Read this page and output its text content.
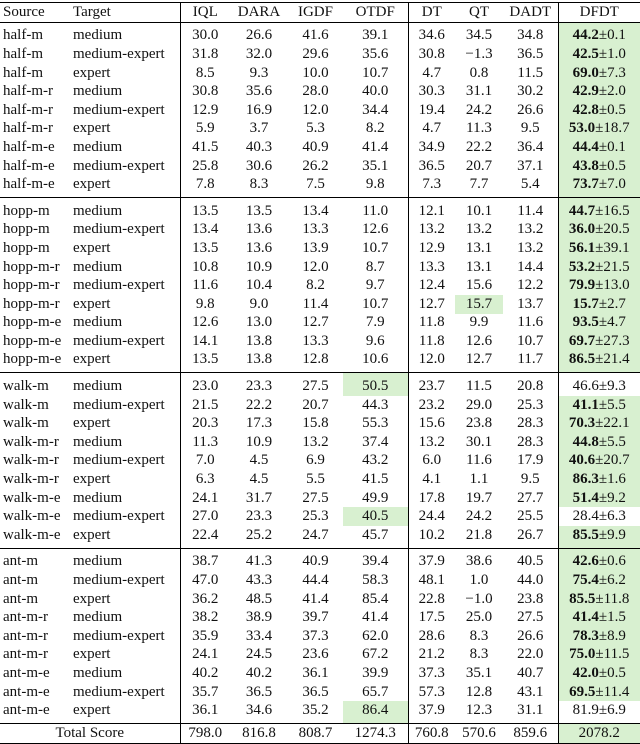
Source	Target	IQL	DARA	IGDF	OTDF	DT	QT	DADT	DFDT
half-m	medium	30.0	26.6	41.6	39.1	34.6	34.5	34.8	44.2±0.1
half-m	medium-expert	31.8	32.0	29.6	35.6	30.8	−1.3	36.5	42.5±1.0
half-m	expert	8.5	9.3	10.0	10.7	4.7	0.8	11.5	69.0±7.3
half-m-r	medium	30.8	35.6	28.0	40.0	30.3	31.1	30.2	42.9±2.0
half-m-r	medium-expert	12.9	16.9	12.0	34.4	19.4	24.2	26.6	42.8±0.5
half-m-r	expert	5.9	3.7	5.3	8.2	4.7	11.3	9.5	53.0±18.7
half-m-e	medium	41.5	40.3	40.9	41.4	34.9	22.2	36.4	44.4±0.1
half-m-e	medium-expert	25.8	30.6	26.2	35.1	36.5	20.7	37.1	43.8±0.5
half-m-e	expert	7.8	8.3	7.5	9.8	7.3	7.7	5.4	73.7±7.0
hopp-m	medium	13.5	13.5	13.4	11.0	12.1	10.1	11.4	44.7±16.5
hopp-m	medium-expert	13.4	13.6	13.3	12.6	13.2	13.2	13.2	36.0±20.5
hopp-m	expert	13.5	13.6	13.9	10.7	12.9	13.1	13.2	56.1±39.1
hopp-m-r	medium	10.8	10.9	12.0	8.7	13.3	13.1	14.4	53.2±21.5
hopp-m-r	medium-expert	11.6	10.4	8.2	9.7	12.4	15.6	12.2	79.9±13.0
hopp-m-r	expert	9.8	9.0	11.4	10.7	12.7	15.7	13.7	15.7±2.7
hopp-m-e	medium	12.6	13.0	12.7	7.9	11.8	9.9	11.6	93.5±4.7
hopp-m-e	medium-expert	14.1	13.8	13.3	9.6	11.8	12.6	10.7	69.7±27.3
hopp-m-e	expert	13.5	13.8	12.8	10.6	12.0	12.7	11.7	86.5±21.4
walk-m	medium	23.0	23.3	27.5	50.5	23.7	11.5	20.8	46.6±9.3
walk-m	medium-expert	21.5	22.2	20.7	44.3	23.2	29.0	25.3	41.1±5.5
walk-m	expert	20.3	17.3	15.8	55.3	15.6	23.8	28.3	70.3±22.1
walk-m-r	medium	11.3	10.9	13.2	37.4	13.2	30.1	28.3	44.8±5.5
walk-m-r	medium-expert	7.0	4.5	6.9	43.2	6.0	11.6	17.9	40.6±20.7
walk-m-r	expert	6.3	4.5	5.5	41.5	4.1	1.1	9.5	86.3±1.6
walk-m-e	medium	24.1	31.7	27.5	49.9	17.8	19.7	27.7	51.4±9.2
walk-m-e	medium-expert	27.0	23.3	25.3	40.5	24.4	24.2	25.5	28.4±6.3
walk-m-e	expert	22.4	25.2	24.7	45.7	10.2	21.8	26.7	85.5±9.9
ant-m	medium	38.7	41.3	40.9	39.4	37.9	38.6	40.5	42.6±0.6
ant-m	medium-expert	47.0	43.3	44.4	58.3	48.1	1.0	44.0	75.4±6.2
ant-m	expert	36.2	48.5	41.4	85.4	22.8	−1.0	23.8	85.5±11.8
ant-m-r	medium	38.2	38.9	39.7	41.4	17.5	25.0	27.5	41.4±1.5
ant-m-r	medium-expert	35.9	33.4	37.3	62.0	28.6	8.3	26.6	78.3±8.9
ant-m-r	expert	24.1	24.5	23.6	67.2	21.2	8.3	22.0	75.0±11.5
ant-m-e	medium	40.2	40.2	36.1	39.9	37.3	35.1	40.7	42.0±0.5
ant-m-e	medium-expert	35.7	36.5	36.5	65.7	57.3	12.8	43.1	69.5±11.4
ant-m-e	expert	36.1	34.6	35.2	86.4	37.9	12.3	31.1	81.9±6.9
Total Score		798.0	816.8	808.7	1274.3	760.8	570.6	859.6	2078.2
